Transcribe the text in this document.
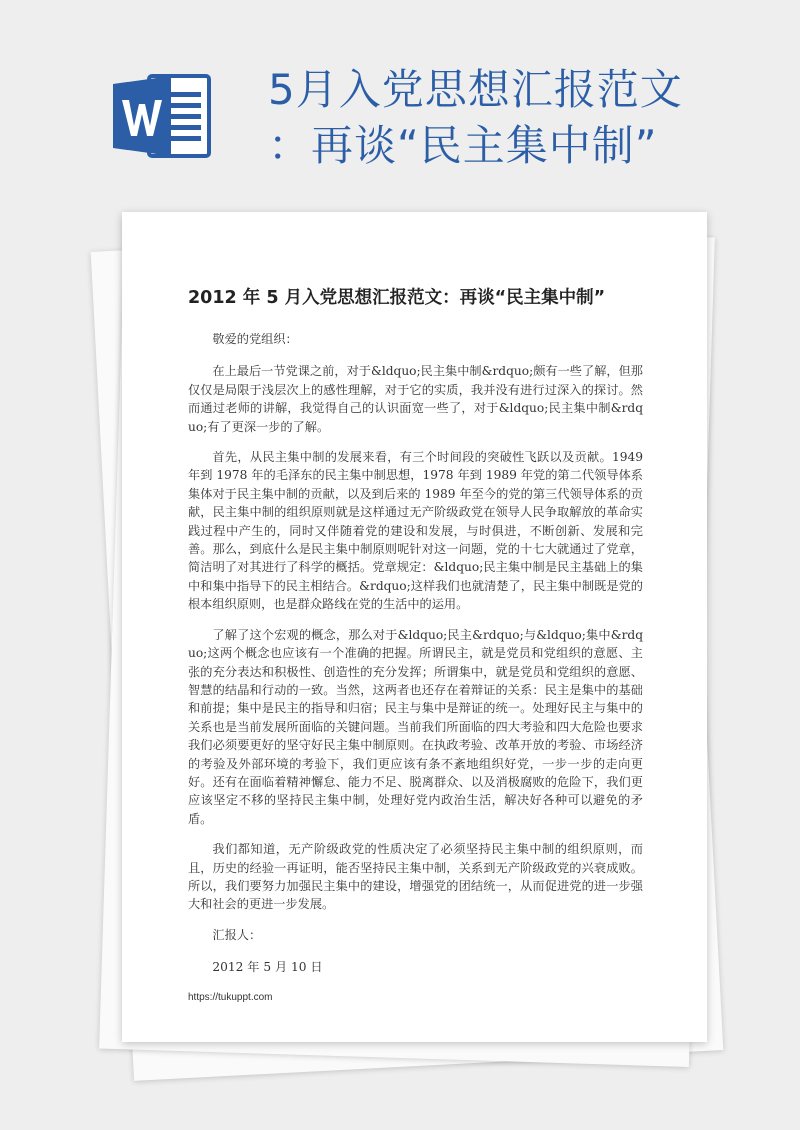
5月入党思想汇报范文
：再谈“民主集中制”
2012 年 5 月入党思想汇报范文：再谈“民主集中制”

敬爱的党组织：

在上最后一节党课之前，对于&ldquo;民主集中制&rdquo;颇有一些了解，但那仅仅是局限于浅层次上的感性理解，对于它的实质，我并没有进行过深入的探讨。然而通过老师的讲解，我觉得自己的认识面宽一些了，对于&ldquo;民主集中制&rdquo;有了更深一步的了解。

首先，从民主集中制的发展来看，有三个时间段的突破性飞跃以及贡献。1949 年到 1978 年的毛泽东的民主集中制思想，1978 年到 1989 年党的第二代领导体系集体对于民主集中制的贡献，以及到后来的 1989 年至今的党的第三代领导体系的贡献，民主集中制的组织原则就是这样通过无产阶级政党在领导人民争取解放的革命实践过程中产生的，同时又伴随着党的建设和发展，与时俱进，不断创新、发展和完善。那么，到底什么是民主集中制原则呢针对这一问题，党的十七大就通过了党章，简洁明了对其进行了科学的概括。党章规定：&ldquo;民主集中制是民主基础上的集中和集中指导下的民主相结合。&rdquo;这样我们也就清楚了，民主集中制既是党的根本组织原则，也是群众路线在党的生活中的运用。

了解了这个宏观的概念，那么对于&ldquo;民主&rdquo;与&ldquo;集中&rdquo;这两个概念也应该有一个准确的把握。所谓民主，就是党员和党组织的意愿、主张的充分表达和积极性、创造性的充分发挥；所谓集中，就是党员和党组织的意愿、智慧的结晶和行动的一致。当然，这两者也还存在着辩证的关系：民主是集中的基础和前提；集中是民主的指导和归宿；民主与集中是辩证的统一。处理好民主与集中的关系也是当前发展所面临的关键问题。当前我们所面临的四大考验和四大危险也要求我们必须要更好的坚守好民主集中制原则。在执政考验、改革开放的考验、市场经济的考验及外部环境的考验下，我们更应该有条不紊地组织好党，一步一步的走向更好。还有在面临着精神懈怠、能力不足、脱离群众、以及消极腐败的危险下，我们更应该坚定不移的坚持民主集中制，处理好党内政治生活，解决好各种可以避免的矛盾。

我们都知道，无产阶级政党的性质决定了必须坚持民主集中制的组织原则，而且，历史的经验一再证明，能否坚持民主集中制，关系到无产阶级政党的兴衰成败。所以，我们要努力加强民主集中的建设，增强党的团结统一，从而促进党的进一步强大和社会的更进一步发展。

汇报人：

2012 年 5 月 10 日

https://tukuppt.com
